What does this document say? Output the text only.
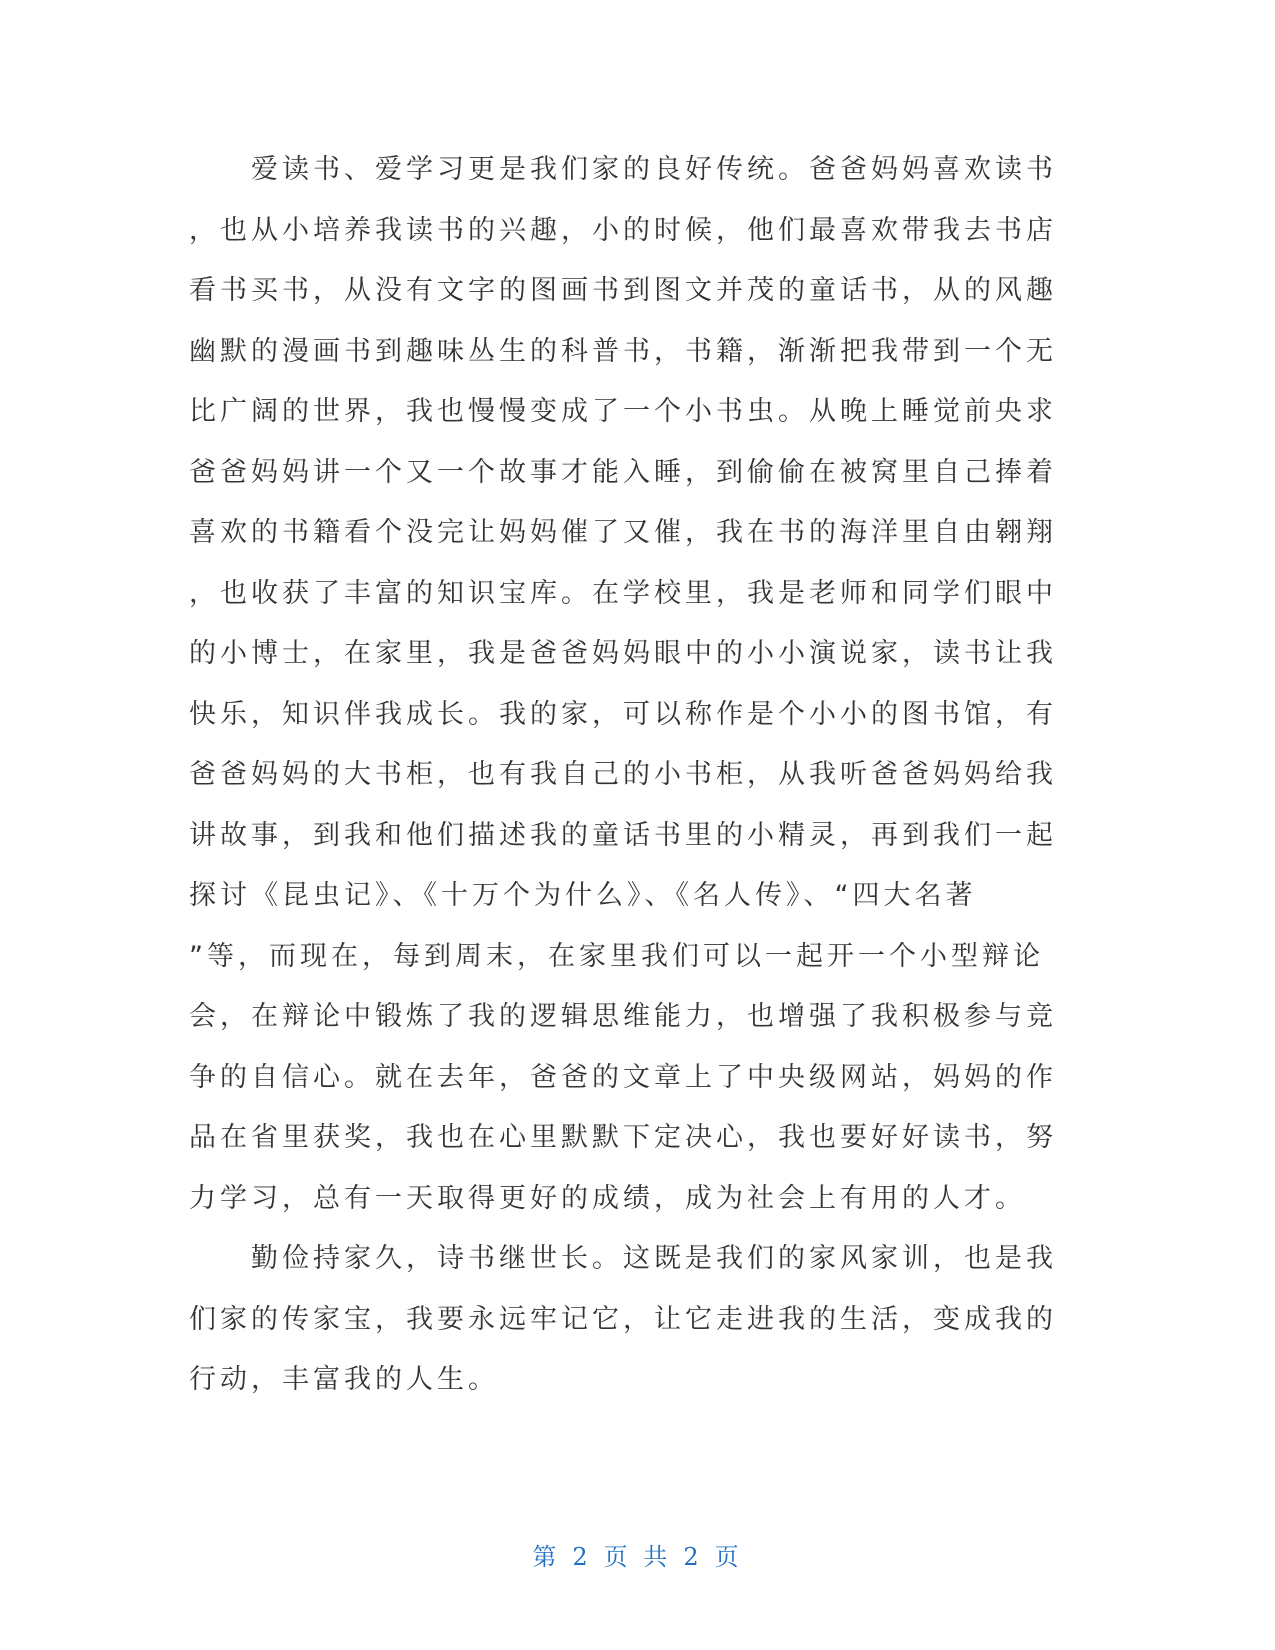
爱读书、爱学习更是我们家的良好传统。爸爸妈妈喜欢读书
，也从小培养我读书的兴趣，小的时候，他们最喜欢带我去书店
看书买书，从没有文字的图画书到图文并茂的童话书，从的风趣
幽默的漫画书到趣味丛生的科普书，书籍，渐渐把我带到一个无
比广阔的世界，我也慢慢变成了一个小书虫。从晚上睡觉前央求
爸爸妈妈讲一个又一个故事才能入睡，到偷偷在被窝里自己捧着
喜欢的书籍看个没完让妈妈催了又催，我在书的海洋里自由翱翔
，也收获了丰富的知识宝库。在学校里，我是老师和同学们眼中
的小博士，在家里，我是爸爸妈妈眼中的小小演说家，读书让我
快乐，知识伴我成长。我的家，可以称作是个小小的图书馆，有
爸爸妈妈的大书柜，也有我自己的小书柜，从我听爸爸妈妈给我
讲故事，到我和他们描述我的童话书里的小精灵，再到我们一起
探讨《昆虫记》、《十万个为什么》、《名人传》、“四大名著
”等，而现在，每到周末，在家里我们可以一起开一个小型辩论
会，在辩论中锻炼了我的逻辑思维能力，也增强了我积极参与竞
争的自信心。就在去年，爸爸的文章上了中央级网站，妈妈的作
品在省里获奖，我也在心里默默下定决心，我也要好好读书，努
力学习，总有一天取得更好的成绩，成为社会上有用的人才。
勤俭持家久，诗书继世长。这既是我们的家风家训，也是我
们家的传家宝，我要永远牢记它，让它走进我的生活，变成我的
行动，丰富我的人生。
第 2 页 共 2 页
